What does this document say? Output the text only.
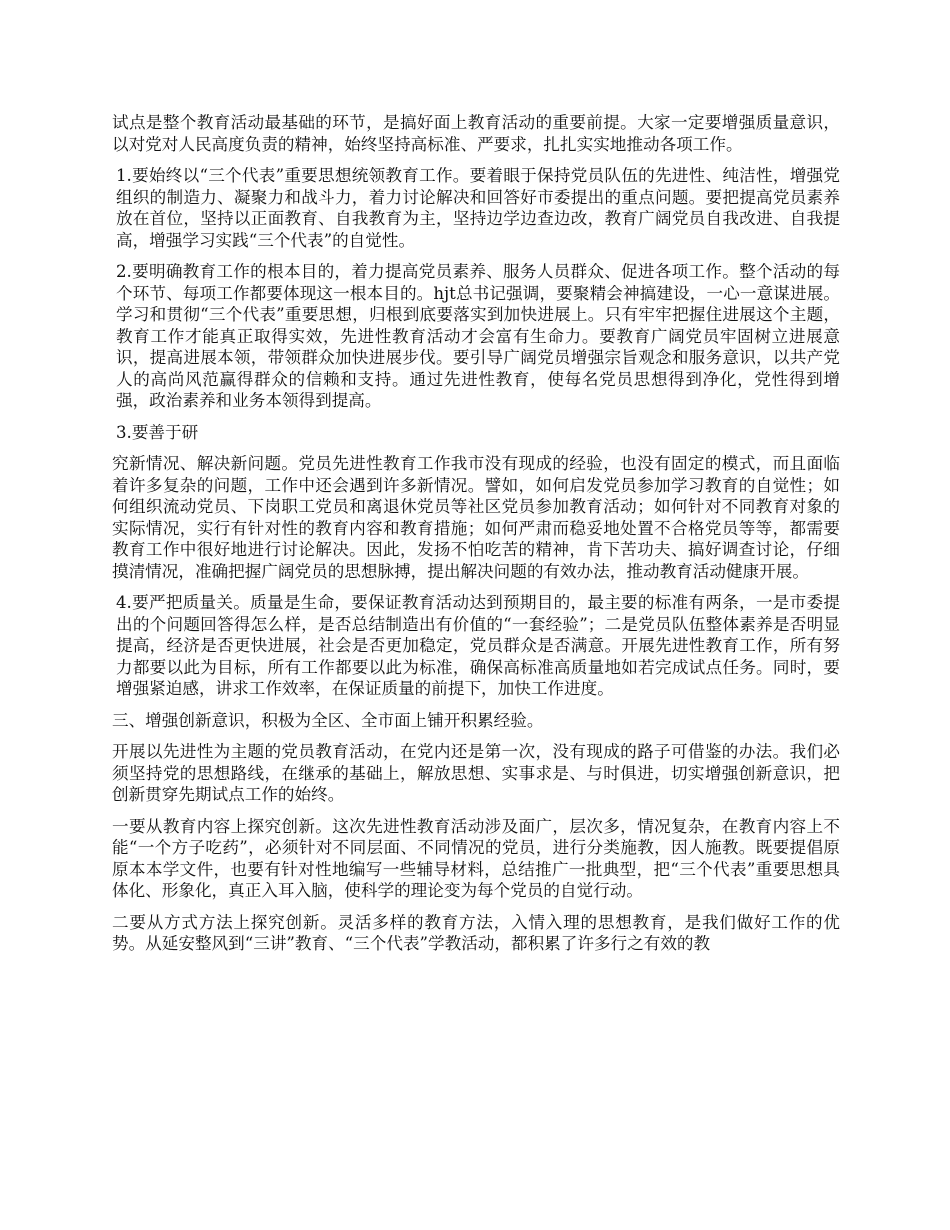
试点是整个教育活动最基础的环节，是搞好面上教育活动的重要前提。大家一定要增强质量意识，以对党对人民高度负责的精神，始终坚持高标准、严要求，扎扎实实地推动各项工作。

1.要始终以“三个代表”重要思想统领教育工作。要着眼于保持党员队伍的先进性、纯洁性，增强党组织的制造力、凝聚力和战斗力，着力讨论解决和回答好市委提出的重点问题。要把提高党员素养放在首位，坚持以正面教育、自我教育为主，坚持边学边查边改，教育广阔党员自我改进、自我提高，增强学习实践“三个代表”的自觉性。

2.要明确教育工作的根本目的，着力提高党员素养、服务人员群众、促进各项工作。整个活动的每个环节、每项工作都要体现这一根本目的。hjt总书记强调，要聚精会神搞建设，一心一意谋进展。学习和贯彻“三个代表”重要思想，归根到底要落实到加快进展上。只有牢牢把握住进展这个主题，教育工作才能真正取得实效，先进性教育活动才会富有生命力。要教育广阔党员牢固树立进展意识，提高进展本领，带领群众加快进展步伐。要引导广阔党员增强宗旨观念和服务意识，以共产党人的高尚风范赢得群众的信赖和支持。通过先进性教育，使每名党员思想得到净化，党性得到增强，政治素养和业务本领得到提高。

3.要善于研

究新情况、解决新问题。党员先进性教育工作我市没有现成的经验，也没有固定的模式，而且面临着许多复杂的问题，工作中还会遇到许多新情况。譬如，如何启发党员参加学习教育的自觉性；如何组织流动党员、下岗职工党员和离退休党员等社区党员参加教育活动；如何针对不同教育对象的实际情况，实行有针对性的教育内容和教育措施；如何严肃而稳妥地处置不合格党员等等，都需要教育工作中很好地进行讨论解决。因此，发扬不怕吃苦的精神，肯下苦功夫、搞好调查讨论，仔细摸清情况，准确把握广阔党员的思想脉搏，提出解决问题的有效办法，推动教育活动健康开展。

4.要严把质量关。质量是生命，要保证教育活动达到预期目的，最主要的标准有两条，一是市委提出的个问题回答得怎么样，是否总结制造出有价值的“一套经验”；二是党员队伍整体素养是否明显提高，经济是否更快进展，社会是否更加稳定，党员群众是否满意。开展先进性教育工作，所有努力都要以此为目标，所有工作都要以此为标准，确保高标准高质量地如若完成试点任务。同时，要增强紧迫感，讲求工作效率，在保证质量的前提下，加快工作进度。

三、增强创新意识，积极为全区、全市面上铺开积累经验。

开展以先进性为主题的党员教育活动，在党内还是第一次，没有现成的路子可借鉴的办法。我们必须坚持党的思想路线，在继承的基础上，解放思想、实事求是、与时俱进，切实增强创新意识，把创新贯穿先期试点工作的始终。

一要从教育内容上探究创新。这次先进性教育活动涉及面广，层次多，情况复杂，在教育内容上不能“一个方子吃药”，必须针对不同层面、不同情况的党员，进行分类施教，因人施教。既要提倡原原本本学文件，也要有针对性地编写一些辅导材料，总结推广一批典型，把“三个代表”重要思想具体化、形象化，真正入耳入脑，使科学的理论变为每个党员的自觉行动。

二要从方式方法上探究创新。灵活多样的教育方法，入情入理的思想教育，是我们做好工作的优势。从延安整风到“三讲”教育、“三个代表”学教活动，都积累了许多行之有效的教
